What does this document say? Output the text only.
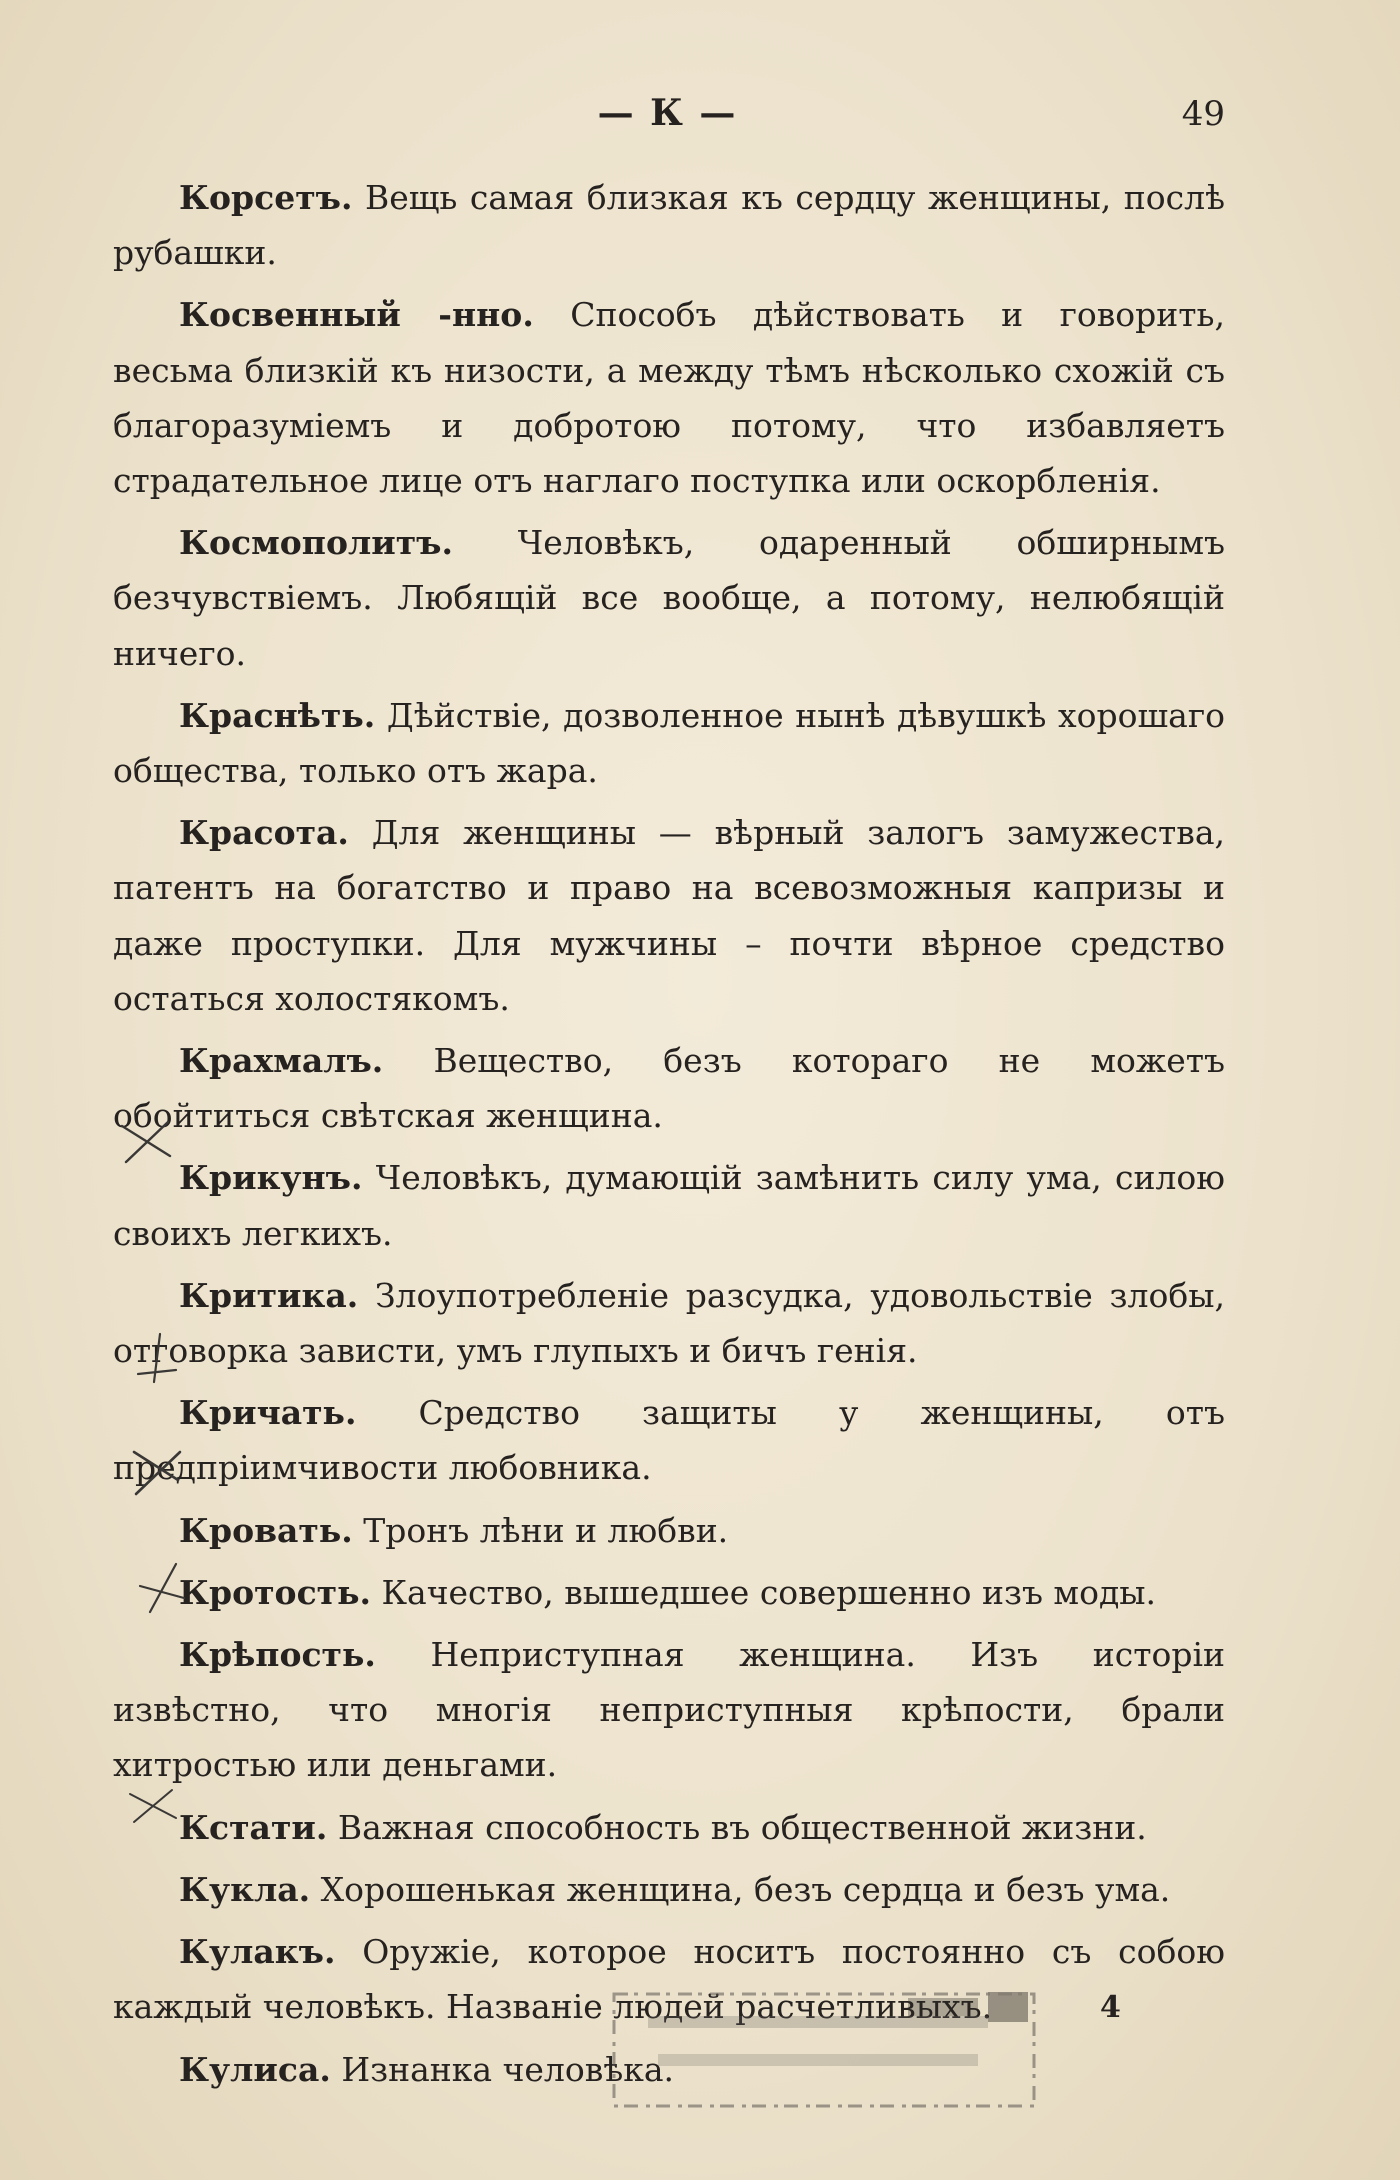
— К —	49

Корсетъ. Вещь самая близкая къ сердцу женщины, послѣ рубашки.

Косвенный -нно. Способъ дѣйствовать и говорить, весьма близкій къ низости, а между тѣмъ нѣсколько схожій съ благоразуміемъ и добротою потому, что избавляетъ страдательное лице отъ наглаго поступка или оскорбленія.

Космополитъ. Человѣкъ, одаренный обширнымъ безчувствіемъ. Любящій все вообще, а потому, нелюбящій ничего.

Краснѣть. Дѣйствіе, дозволенное нынѣ дѣвушкѣ хорошаго общества, только отъ жара.

Красота. Для женщины — вѣрный залогъ замужества, патентъ на богатство и право на всевозможныя капризы и даже проступки. Для мужчины – почти вѣрное средство остаться холостякомъ.

Крахмалъ. Вещество, безъ котораго не можетъ обойтиться свѣтская женщина.

Крикунъ. Человѣкъ, думающій замѣнить силу ума, силою своихъ легкихъ.

Критика. Злоупотребленіе разсудка, удовольствіе злобы, отговорка зависти, умъ глупыхъ и бичъ генія.

Кричать. Средство защиты у женщины, отъ предпріимчивости любовника.

Кровать. Тронъ лѣни и любви.

Кротость. Качество, вышедшее совершенно изъ моды.

Крѣпость. Неприступная женщина. Изъ исторіи извѣстно, что многія неприступныя крѣпости, брали хитростью или деньгами.

Кстати. Важная способность въ общественной жизни.

Кукла. Хорошенькая женщина, безъ сердца и безъ ума.

Кулакъ. Оружіе, которое носитъ постоянно съ собою каждый человѣкъ. Названіе людей расчетливыхъ.

Кулиса. Изнанка человѣка.

4
